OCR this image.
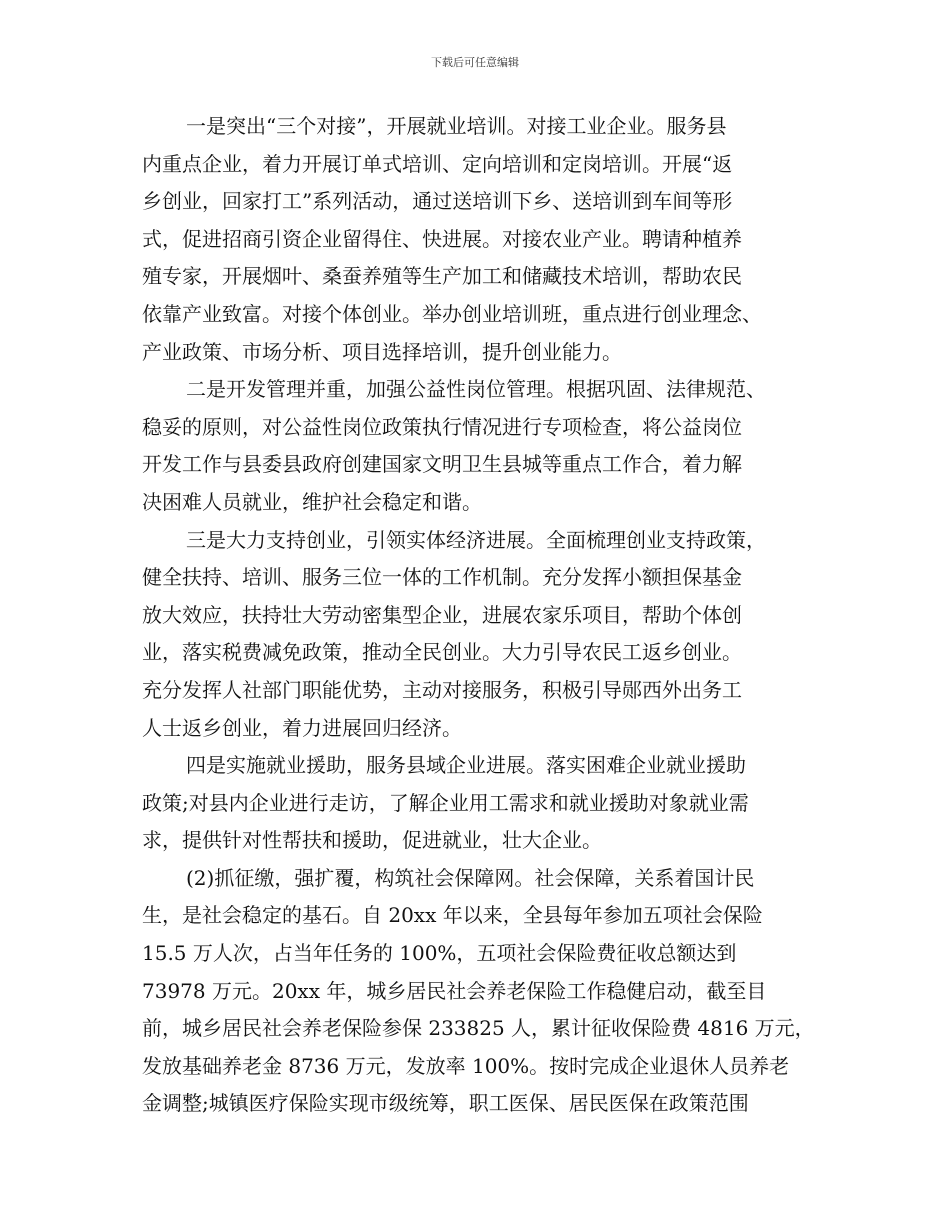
下载后可任意编辑
一是突出“三个对接”，开展就业培训。对接工业企业。服务县
内重点企业，着力开展订单式培训、定向培训和定岗培训。开展“返
乡创业，回家打工”系列活动，通过送培训下乡、送培训到车间等形
式，促进招商引资企业留得住、快进展。对接农业产业。聘请种植养
殖专家，开展烟叶、桑蚕养殖等生产加工和储藏技术培训，帮助农民
依靠产业致富。对接个体创业。举办创业培训班，重点进行创业理念、
产业政策、市场分析、项目选择培训，提升创业能力。
二是开发管理并重，加强公益性岗位管理。根据巩固、法律规范、
稳妥的原则，对公益性岗位政策执行情况进行专项检查，将公益岗位
开发工作与县委县政府创建国家文明卫生县城等重点工作合，着力解
决困难人员就业，维护社会稳定和谐。
三是大力支持创业，引领实体经济进展。全面梳理创业支持政策，
健全扶持、培训、服务三位一体的工作机制。充分发挥小额担保基金
放大效应，扶持壮大劳动密集型企业，进展农家乐项目，帮助个体创
业，落实税费减免政策，推动全民创业。大力引导农民工返乡创业。
充分发挥人社部门职能优势，主动对接服务，积极引导郧西外出务工
人士返乡创业，着力进展回归经济。
四是实施就业援助，服务县域企业进展。落实困难企业就业援助
政策;对县内企业进行走访，了解企业用工需求和就业援助对象就业需
求，提供针对性帮扶和援助，促进就业，壮大企业。
(2)抓征缴，强扩覆，构筑社会保障网。社会保障，关系着国计民
生，是社会稳定的基石。自 20xx 年以来，全县每年参加五项社会保险
15.5 万人次，占当年任务的 100%，五项社会保险费征收总额达到
73978 万元。20xx 年，城乡居民社会养老保险工作稳健启动，截至目
前，城乡居民社会养老保险参保 233825 人，累计征收保险费 4816 万元，
发放基础养老金 8736 万元，发放率 100%。按时完成企业退休人员养老
金调整;城镇医疗保险实现市级统筹，职工医保、居民医保在政策范围
